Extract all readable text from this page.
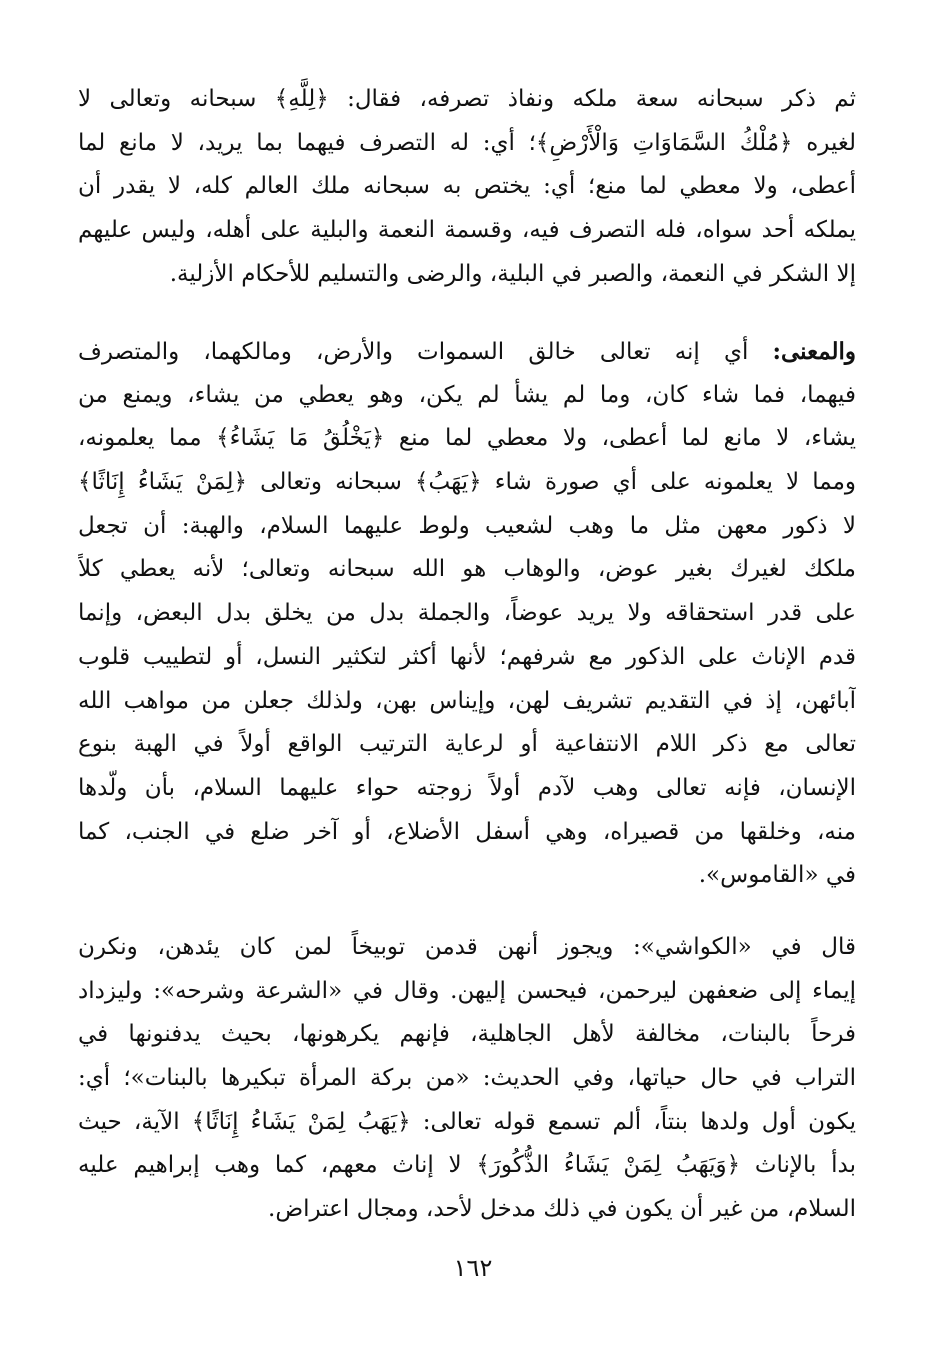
ثم ذكر سبحانه سعة ملكه ونفاذ تصرفه، فقال: ﴿لِلَّهِ﴾ سبحانه وتعالى لا
لغيره ﴿مُلْكُ السَّمَاوَاتِ وَالْأَرْضِ﴾؛ أي: له التصرف فيهما بما يريد، لا مانع لما
أعطى، ولا معطي لما منع؛ أي: يختص به سبحانه ملك العالم كله، لا يقدر أن
يملكه أحد سواه، فله التصرف فيه، وقسمة النعمة والبلية على أهله، وليس عليهم
إلا الشكر في النعمة، والصبر في البلية، والرضى والتسليم للأحكام الأزلية.

والمعنى: أي إنه تعالى خالق السموات والأرض، ومالكهما، والمتصرف
فيهما، فما شاء كان، وما لم يشأ لم يكن، وهو يعطي من يشاء، ويمنع من
يشاء، لا مانع لما أعطى، ولا معطي لما منع ﴿يَخْلُقُ مَا يَشَاءُ﴾ مما يعلمونه،
ومما لا يعلمونه على أي صورة شاء ﴿يَهَبُ﴾ سبحانه وتعالى ﴿لِمَنْ يَشَاءُ إِنَاثًا﴾
لا ذكور معهن مثل ما وهب لشعيب ولوط عليهما السلام، والهبة: أن تجعل
ملكك لغيرك بغير عوض، والوهاب هو الله سبحانه وتعالى؛ لأنه يعطي كلاً
على قدر استحقاقه ولا يريد عوضاً، والجملة بدل من يخلق بدل البعض، وإنما
قدم الإناث على الذكور مع شرفهم؛ لأنها أكثر لتكثير النسل، أو لتطييب قلوب
آبائهن، إذ في التقديم تشريف لهن، وإيناس بهن، ولذلك جعلن من مواهب الله
تعالى مع ذكر اللام الانتفاعية أو لرعاية الترتيب الواقع أولاً في الهبة بنوع
الإنسان، فإنه تعالى وهب لآدم أولاً زوجته حواء عليهما السلام، بأن ولّدها
منه، وخلقها من قصيراه، وهي أسفل الأضلاع، أو آخر ضلع في الجنب، كما
في «القاموس».

قال في «الكواشي»: ويجوز أنهن قدمن توبيخاً لمن كان يئدهن، ونكرن
إيماء إلى ضعفهن ليرحمن، فيحسن إليهن. وقال في «الشرعة وشرحه»: وليزداد
فرحاً بالبنات، مخالفة لأهل الجاهلية، فإنهم يكرهونها، بحيث يدفنونها في
التراب في حال حياتها، وفي الحديث: «من بركة المرأة تبكيرها بالبنات»؛ أي:
يكون أول ولدها بنتاً، ألم تسمع قوله تعالى: ﴿يَهَبُ لِمَنْ يَشَاءُ إِنَاثًا﴾ الآية، حيث
بدأ بالإناث ﴿وَيَهَبُ لِمَنْ يَشَاءُ الذُّكُورَ﴾ لا إناث معهم، كما وهب إبراهيم عليه
السلام، من غير أن يكون في ذلك مدخل لأحد، ومجال اعتراض.

١٦٢
